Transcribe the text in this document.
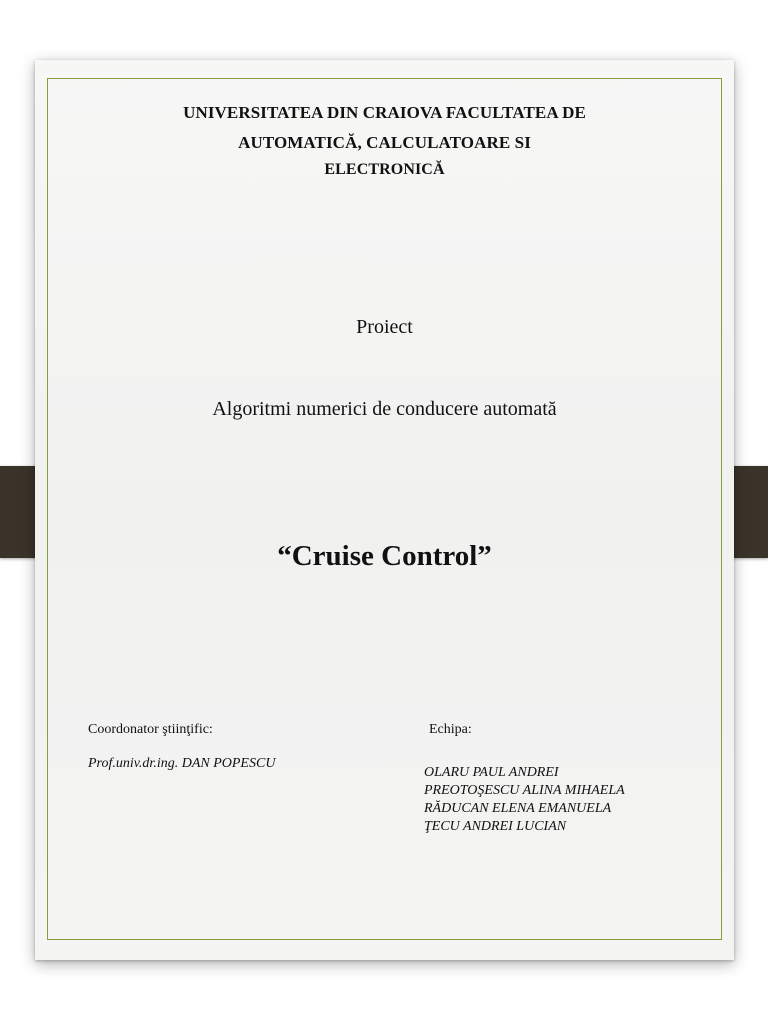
UNIVERSITATEA DIN CRAIOVA FACULTATEA DE
AUTOMATICĂ, CALCULATOARE SI
ELECTRONICĂ
Proiect
Algoritmi numerici de conducere automată
“Cruise Control”
Coordonator ştiinţific:
Prof.univ.dr.ing. DAN POPESCU
Echipa:
OLARU PAUL ANDREI
PREOTOŞESCU ALINA MIHAELA
RĂDUCAN ELENA EMANUELA
ŢECU ANDREI LUCIAN
